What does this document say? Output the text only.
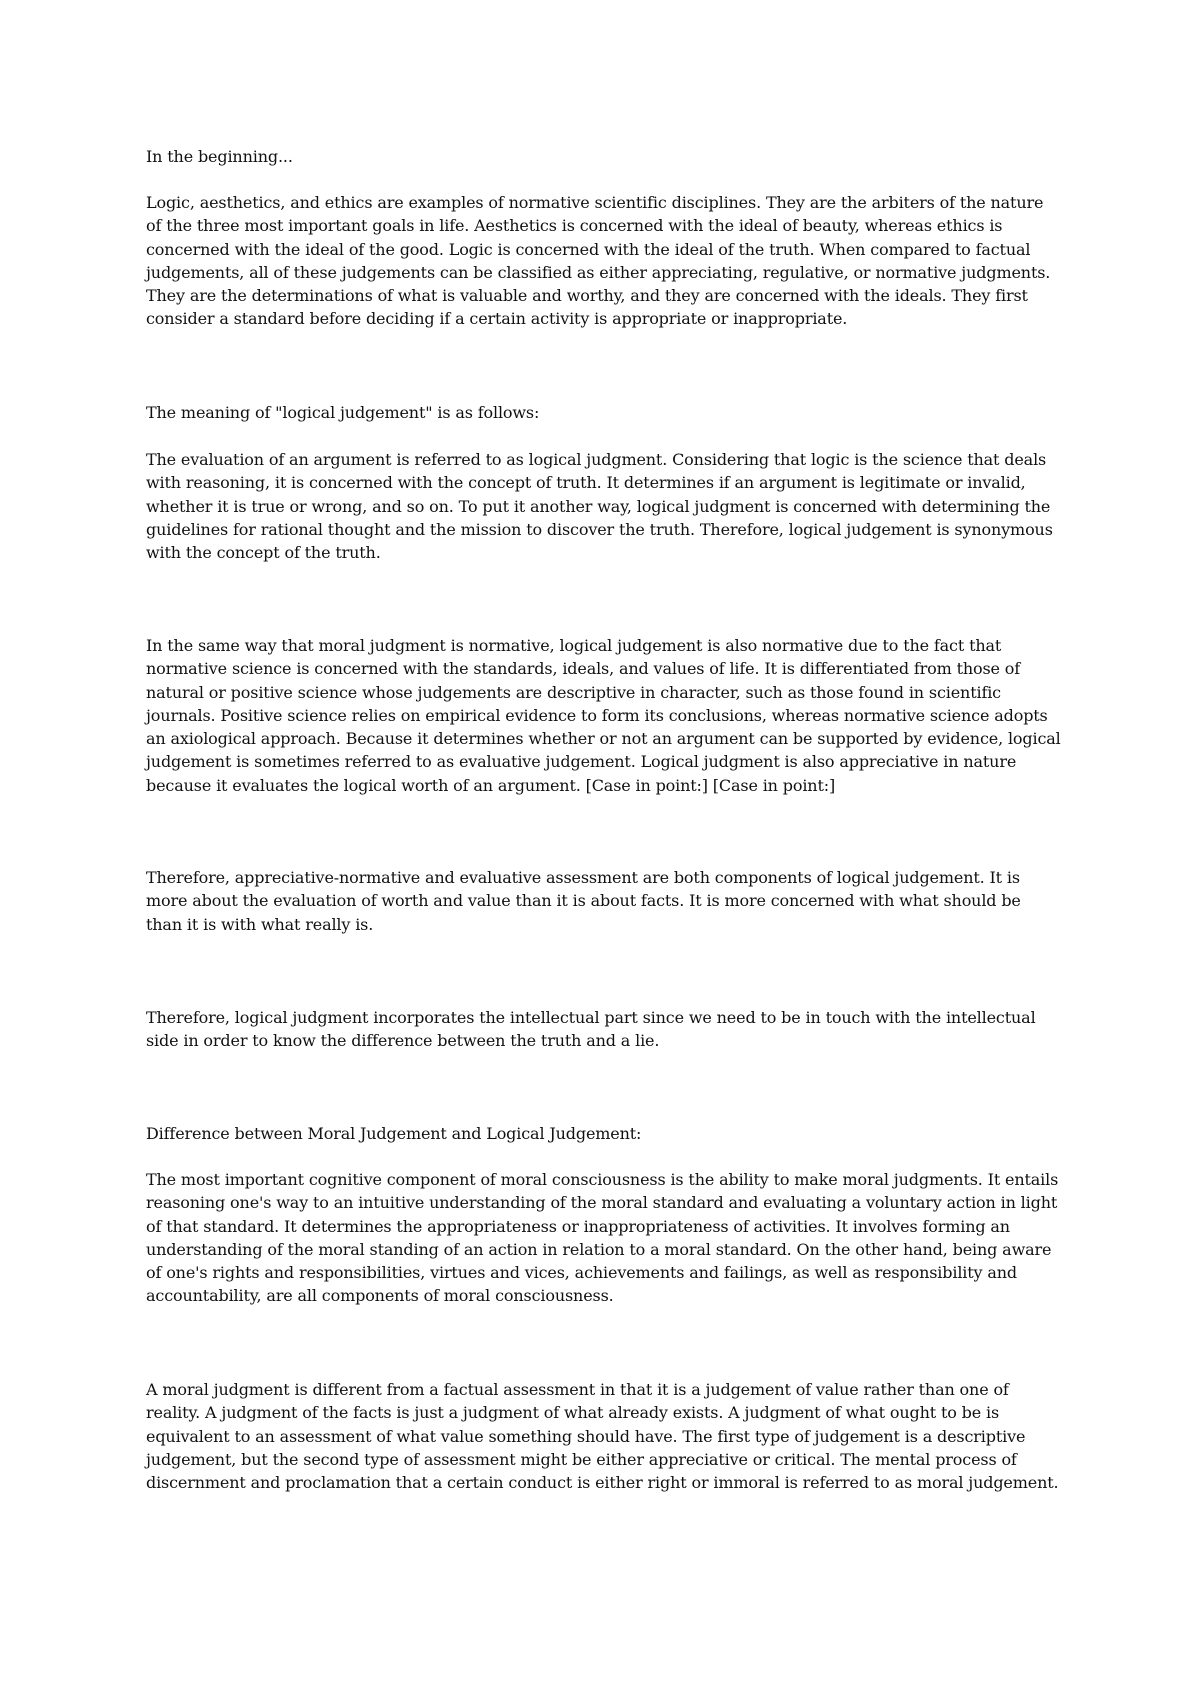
In the beginning...

Logic, aesthetics, and ethics are examples of normative scientific disciplines. They are the arbiters of the nature of the three most important goals in life. Aesthetics is concerned with the ideal of beauty, whereas ethics is concerned with the ideal of the good. Logic is concerned with the ideal of the truth. When compared to factual judgements, all of these judgements can be classified as either appreciating, regulative, or normative judgments. They are the determinations of what is valuable and worthy, and they are concerned with the ideals. They first consider a standard before deciding if a certain activity is appropriate or inappropriate.

The meaning of "logical judgement" is as follows:

The evaluation of an argument is referred to as logical judgment. Considering that logic is the science that deals with reasoning, it is concerned with the concept of truth. It determines if an argument is legitimate or invalid, whether it is true or wrong, and so on. To put it another way, logical judgment is concerned with determining the guidelines for rational thought and the mission to discover the truth. Therefore, logical judgement is synonymous with the concept of the truth.

In the same way that moral judgment is normative, logical judgement is also normative due to the fact that normative science is concerned with the standards, ideals, and values of life. It is differentiated from those of natural or positive science whose judgements are descriptive in character, such as those found in scientific journals. Positive science relies on empirical evidence to form its conclusions, whereas normative science adopts an axiological approach. Because it determines whether or not an argument can be supported by evidence, logical judgement is sometimes referred to as evaluative judgement. Logical judgment is also appreciative in nature because it evaluates the logical worth of an argument. [Case in point:] [Case in point:]

Therefore, appreciative-normative and evaluative assessment are both components of logical judgement. It is more about the evaluation of worth and value than it is about facts. It is more concerned with what should be than it is with what really is.

Therefore, logical judgment incorporates the intellectual part since we need to be in touch with the intellectual side in order to know the difference between the truth and a lie.

Difference between Moral Judgement and Logical Judgement:

The most important cognitive component of moral consciousness is the ability to make moral judgments. It entails reasoning one's way to an intuitive understanding of the moral standard and evaluating a voluntary action in light of that standard. It determines the appropriateness or inappropriateness of activities. It involves forming an understanding of the moral standing of an action in relation to a moral standard. On the other hand, being aware of one's rights and responsibilities, virtues and vices, achievements and failings, as well as responsibility and accountability, are all components of moral consciousness.

A moral judgment is different from a factual assessment in that it is a judgement of value rather than one of reality. A judgment of the facts is just a judgment of what already exists. A judgment of what ought to be is equivalent to an assessment of what value something should have. The first type of judgement is a descriptive judgement, but the second type of assessment might be either appreciative or critical. The mental process of discernment and proclamation that a certain conduct is either right or immoral is referred to as moral judgement.
